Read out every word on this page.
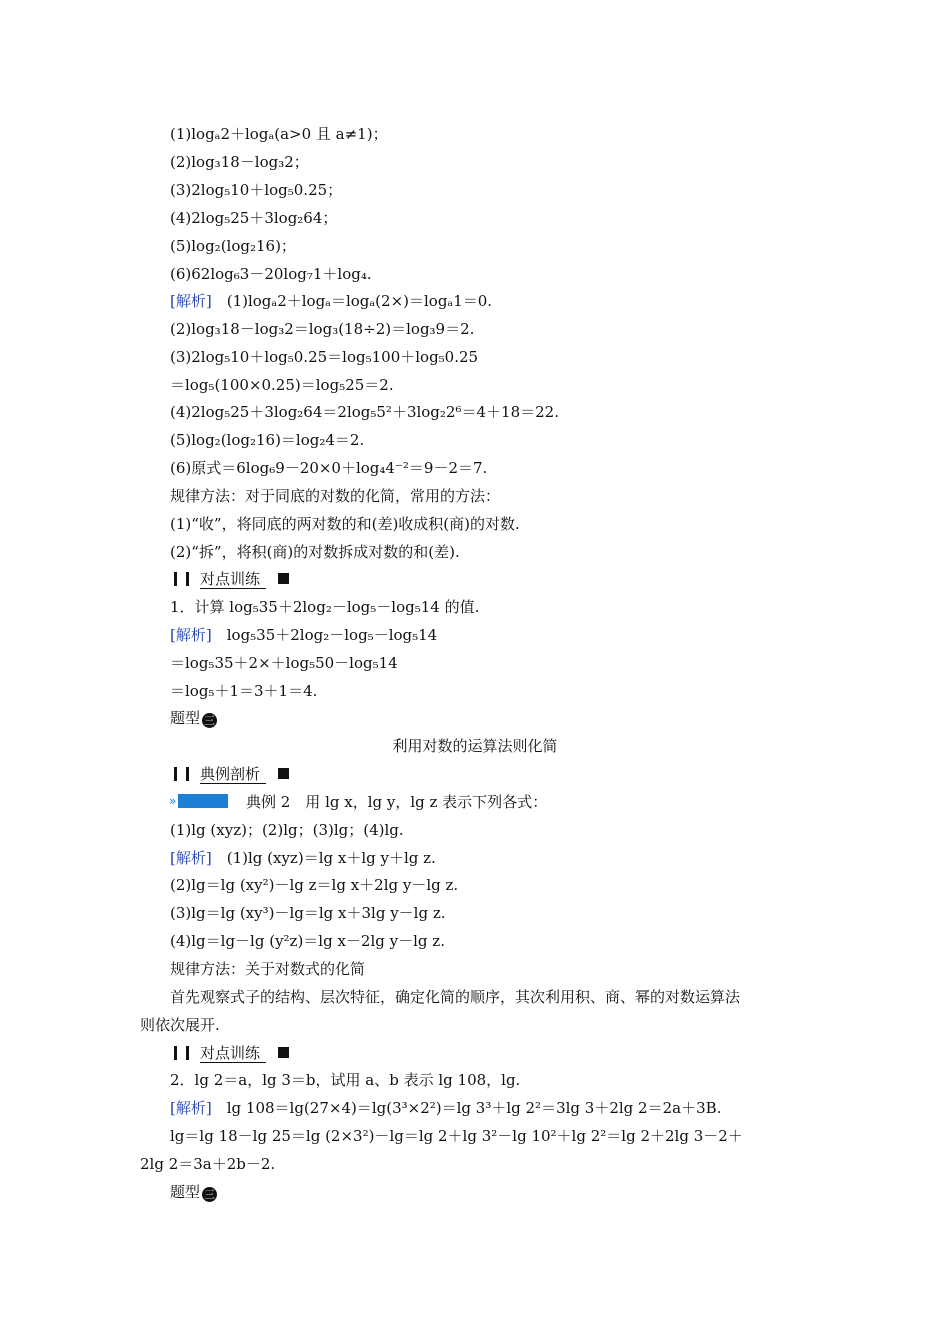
(1)logₐ2＋logₐ(a>0 且 a≠1)；
(2)log₃18－log₃2；
(3)2log₅10＋log₅0.25；
(4)2log₅25＋3log₂64；
(5)log₂(log₂16)；
(6)62log₆3－20log₇1＋log₄.
[解析]　 (1)logₐ2＋logₐ＝logₐ(2×)＝logₐ1＝0.
(2)log₃18－log₃2＝log₃(18÷2)＝log₃9＝2.
(3)2log₅10＋log₅0.25＝log₅100＋log₅0.25
＝log₅(100×0.25)＝log₅25＝2.
(4)2log₅25＋3log₂64＝2log₅5²＋3log₂2⁶＝4＋18＝22.
(5)log₂(log₂16)＝log₂4＝2.
(6)原式＝6log₆9－20×0＋log₄4⁻²＝9－2＝7.
规律方法：对于同底的对数的化简，常用的方法：
(1)“收”，将同底的两对数的和(差)收成积(商)的对数.
(2)“拆”，将积(商)的对数拆成对数的和(差).
对点训练
1．计算 log₅35＋2log₂－log₅－log₅14 的值.
[解析]　 log₅35＋2log₂－log₅－log₅14
＝log₅35＋2×＋log₅50－log₅14
＝log₅＋1＝3＋1＝4.
题型 三
利用对数的运算法则化简
典例剖析
»	典例 2　用 lg x，lg y，lg z 表示下列各式：
(1)lg (xyz)；(2)lg；(3)lg；(4)lg.
[解析]　 (1)lg (xyz)＝lg x＋lg y＋lg z.
(2)lg＝lg (xy²)－lg z＝lg x＋2lg y－lg z.
(3)lg＝lg (xy³)－lg＝lg x＋3lg y－lg z.
(4)lg＝lg－lg (y²z)＝lg x－2lg y－lg z.
规律方法：关于对数式的化简
首先观察式子的结构、层次特征，确定化简的顺序，其次利用积、商、幂的对数运算法
则依次展开.
对点训练
2．lg 2＝a，lg 3＝b，试用 a、b 表示 lg 108，lg.
[解析]　 lg 108＝lg(27×4)＝lg(3³×2²)＝lg 3³＋lg 2²＝3lg 3＋2lg 2＝2a＋3B.
lg＝lg 18－lg 25＝lg (2×3²)－lg＝lg 2＋lg 3²－lg 10²＋lg 2²＝lg 2＋2lg 3－2＋
2lg 2＝3a＋2b－2.
题型 三
